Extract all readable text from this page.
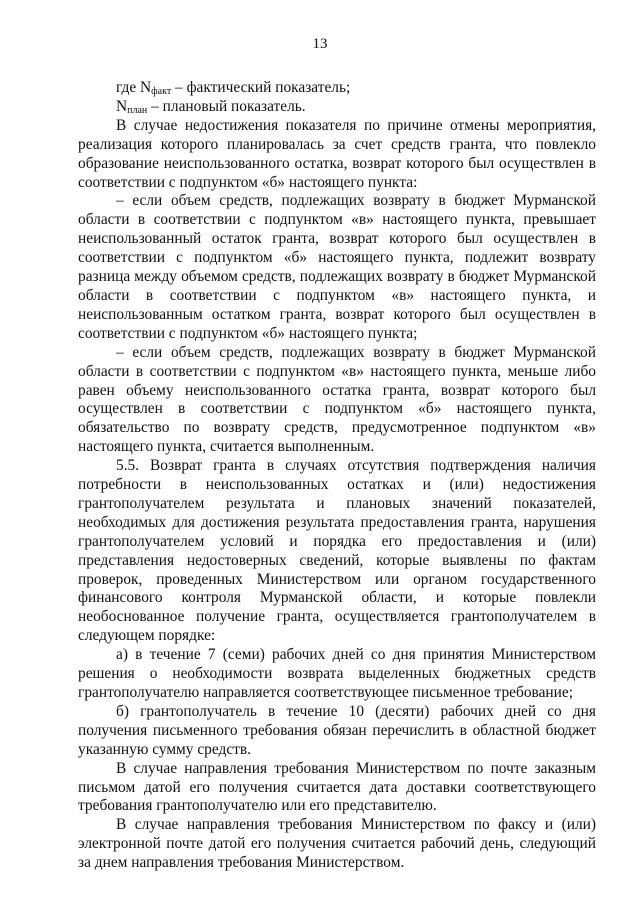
13

где $N_{факт}$ – фактический показатель;

$N_{план}$ – плановый показатель.

В случае недостижения показателя по причине отмены мероприятия, реализация которого планировалась за счет средств гранта, что повлекло образование неиспользованного остатка, возврат которого был осуществлен в соответствии с подпунктом «б» настоящего пункта:

– если объем средств, подлежащих возврату в бюджет Мурманской области в соответствии с подпунктом «в» настоящего пункта, превышает неиспользованный остаток гранта, возврат которого был осуществлен в соответствии с подпунктом «б» настоящего пункта, подлежит возврату разница между объемом средств, подлежащих возврату в бюджет Мурманской области в соответствии с подпунктом «в» настоящего пункта, и неиспользованным остатком гранта, возврат которого был осуществлен в соответствии с подпунктом «б» настоящего пункта;

– если объем средств, подлежащих возврату в бюджет Мурманской области в соответствии с подпунктом «в» настоящего пункта, меньше либо равен объему неиспользованного остатка гранта, возврат которого был осуществлен в соответствии с подпунктом «б» настоящего пункта, обязательство по возврату средств, предусмотренное подпунктом «в» настоящего пункта, считается выполненным.

5.5. Возврат гранта в случаях отсутствия подтверждения наличия потребности в неиспользованных остатках и (или) недостижения грантополучателем результата и плановых значений показателей, необходимых для достижения результата предоставления гранта, нарушения грантополучателем условий и порядка его предоставления и (или) представления недостоверных сведений, которые выявлены по фактам проверок, проведенных Министерством или органом государственного финансового контроля Мурманской области, и которые повлекли необоснованное получение гранта, осуществляется грантополучателем в следующем порядке:

а) в течение 7 (семи) рабочих дней со дня принятия Министерством решения о необходимости возврата выделенных бюджетных средств грантополучателю направляется соответствующее письменное требование;

б) грантополучатель в течение 10 (десяти) рабочих дней со дня получения письменного требования обязан перечислить в областной бюджет указанную сумму средств.

В случае направления требования Министерством по почте заказным письмом датой его получения считается дата доставки соответствующего требования грантополучателю или его представителю.

В случае направления требования Министерством по факсу и (или) электронной почте датой его получения считается рабочий день, следующий за днем направления требования Министерством.
